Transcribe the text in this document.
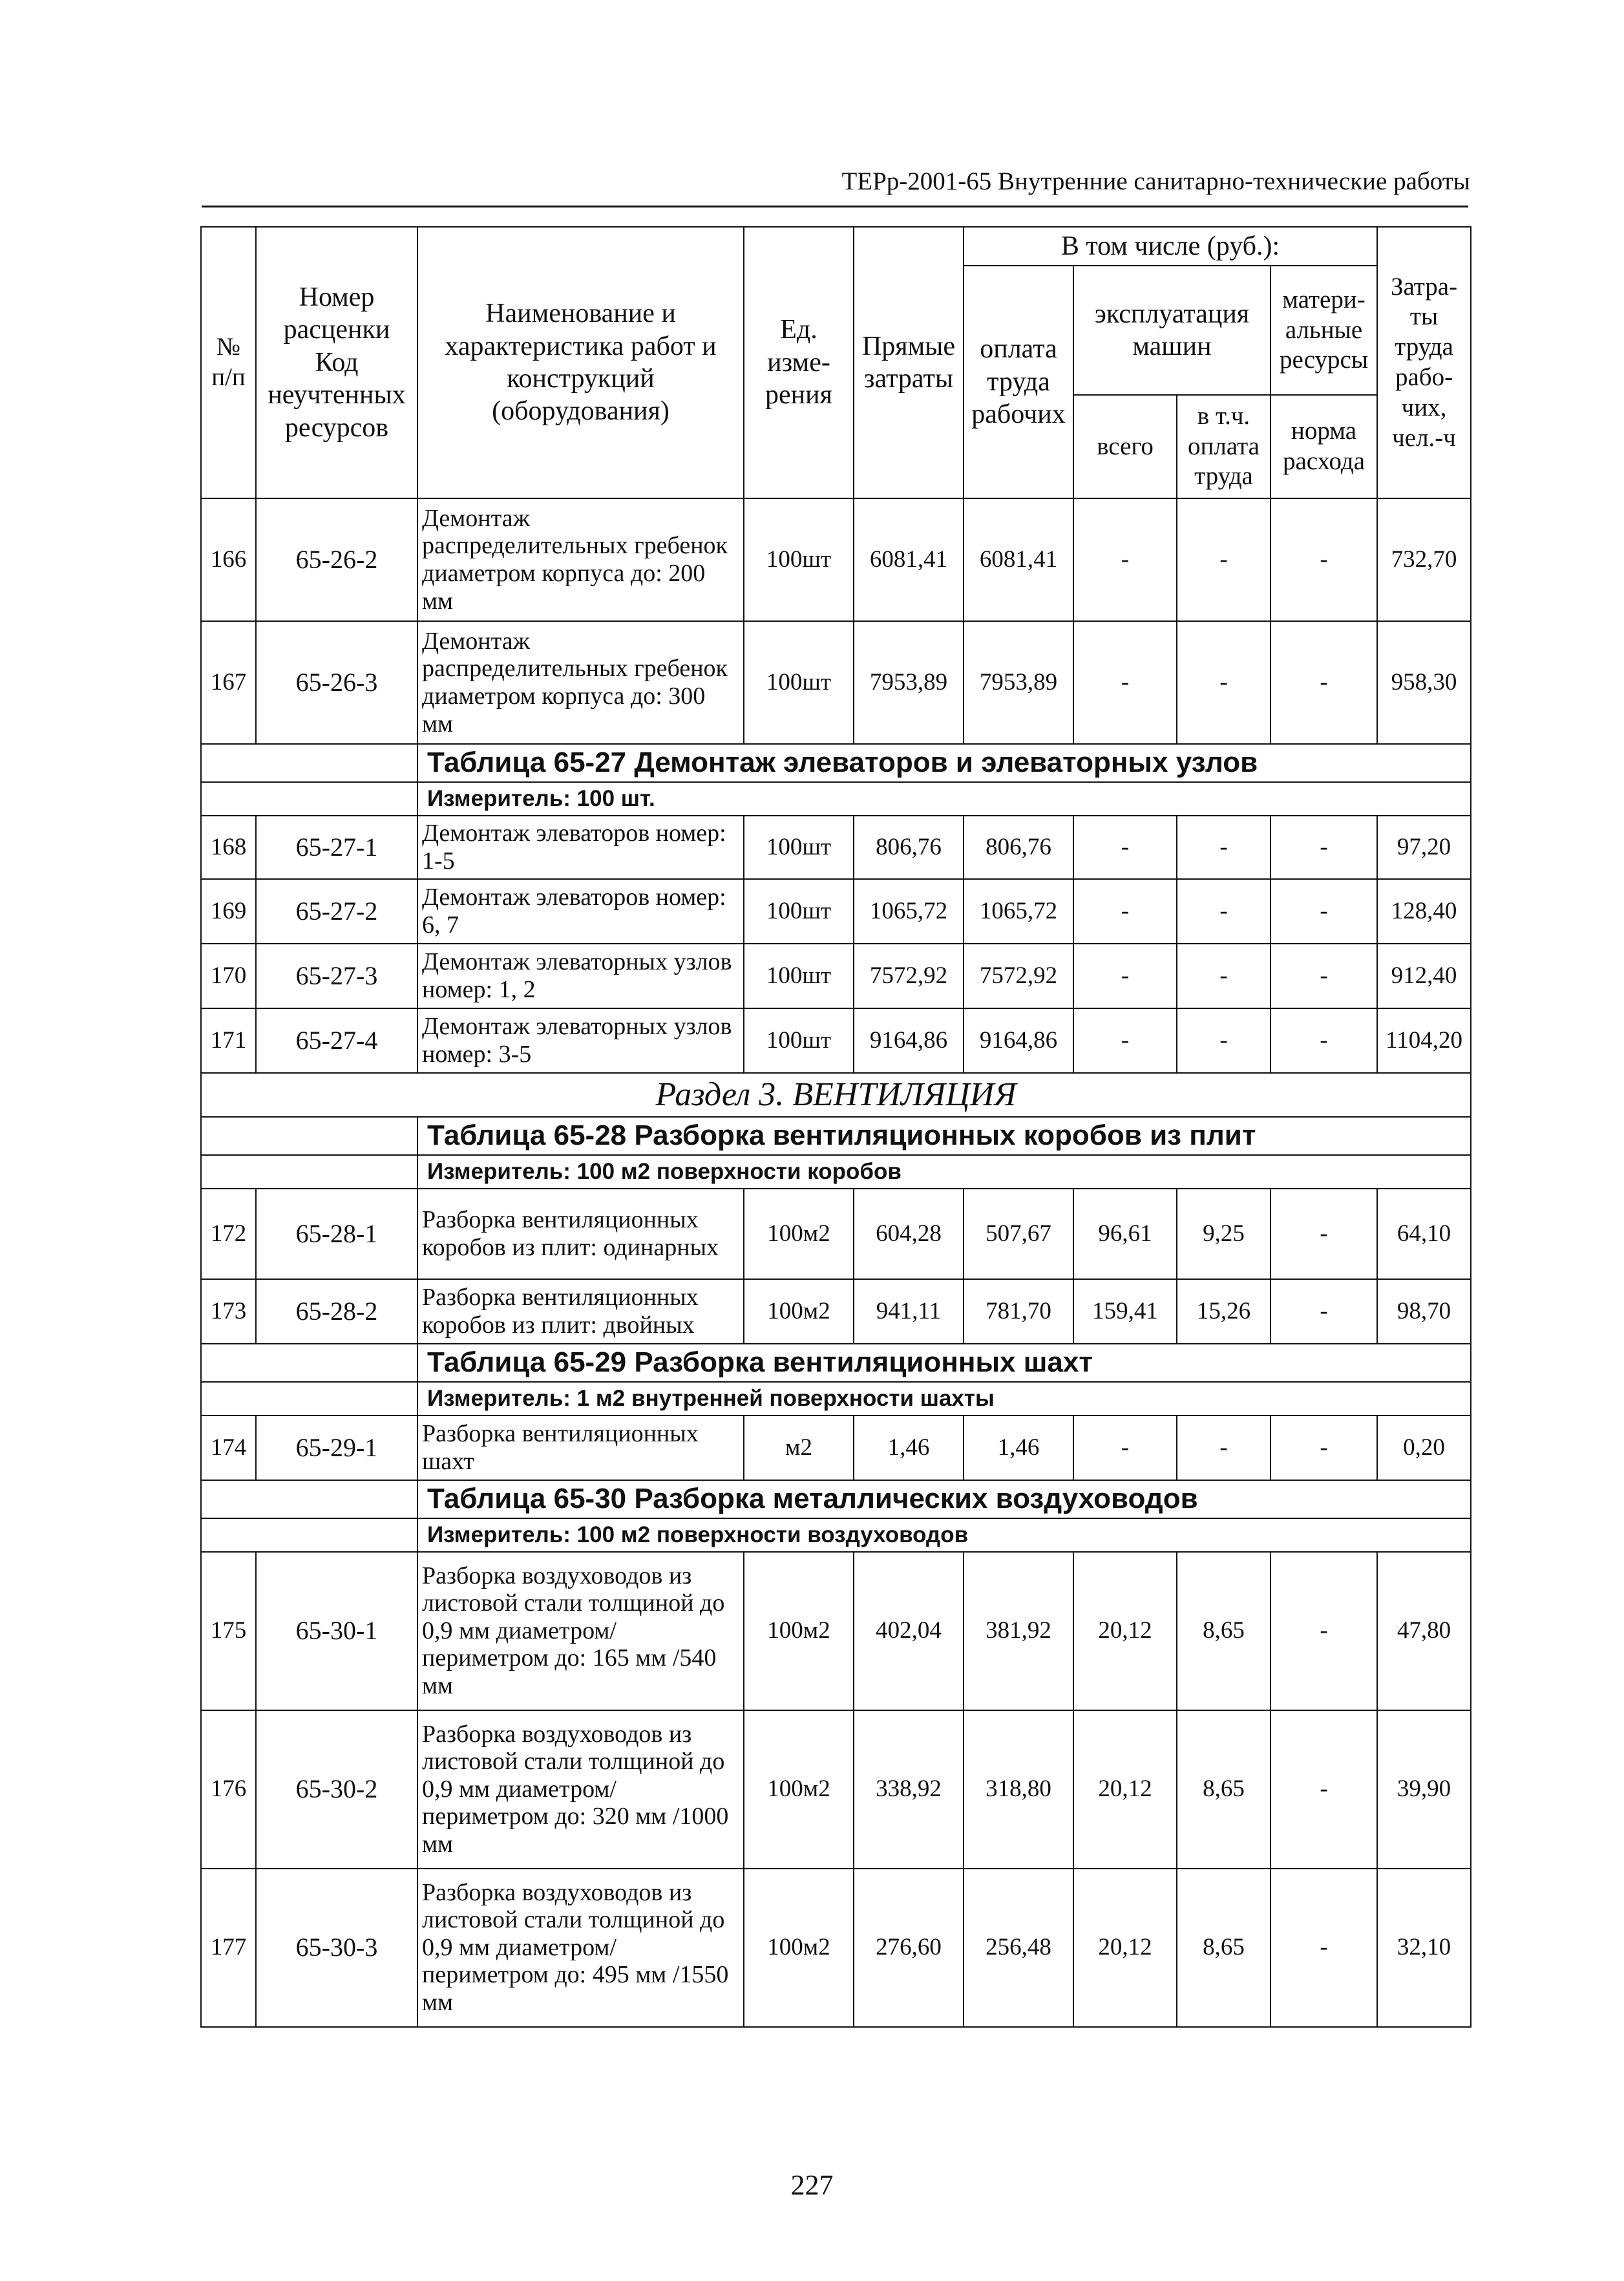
ТЕРр-2001-65 Внутренние санитарно-технические работы
№ п/п	Номер расценки Код неучтенных ресурсов	Наименование и характеристика работ и конструкций (оборудования)	Ед. изме-рения	Прямые затраты	В том числе (руб.):				Затра-ты труда рабо-чих, чел.-ч
					оплата труда рабочих	эксплуатация машин		матери-альные ресурсы	
						всего	в т.ч. оплата труда	норма расхода	
166	65-26-2	Демонтаж распределительных гребенок диаметром корпуса до: 200 мм	100шт	6081,41	6081,41	-	-	-	732,70
167	65-26-3	Демонтаж распределительных гребенок диаметром корпуса до: 300 мм	100шт	7953,89	7953,89	-	-	-	958,30
		Таблица 65-27 Демонтаж элеваторов и элеваторных узлов							
		Измеритель: 100 шт.							
168	65-27-1	Демонтаж элеваторов номер: 1-5	100шт	806,76	806,76	-	-	-	97,20
169	65-27-2	Демонтаж элеваторов номер: 6, 7	100шт	1065,72	1065,72	-	-	-	128,40
170	65-27-3	Демонтаж элеваторных узлов номер: 1, 2	100шт	7572,92	7572,92	-	-	-	912,40
171	65-27-4	Демонтаж элеваторных узлов номер: 3-5	100шт	9164,86	9164,86	-	-	-	1104,20
Раздел 3. ВЕНТИЛЯЦИЯ									
		Таблица 65-28 Разборка вентиляционных коробов из плит							
		Измеритель: 100 м2 поверхности коробов							
172	65-28-1	Разборка вентиляционных коробов из плит: одинарных	100м2	604,28	507,67	96,61	9,25	-	64,10
173	65-28-2	Разборка вентиляционных коробов из плит: двойных	100м2	941,11	781,70	159,41	15,26	-	98,70
		Таблица 65-29 Разборка вентиляционных шахт							
		Измеритель: 1 м2 внутренней поверхности шахты							
174	65-29-1	Разборка вентиляционных шахт	м2	1,46	1,46	-	-	-	0,20
		Таблица 65-30 Разборка металлических воздуховодов							
		Измеритель: 100 м2 поверхности воздуховодов							
175	65-30-1	Разборка воздуховодов из листовой стали толщиной до 0,9 мм диаметром/периметром до: 165 мм /540 мм	100м2	402,04	381,92	20,12	8,65	-	47,80
176	65-30-2	Разборка воздуховодов из листовой стали толщиной до 0,9 мм диаметром/периметром до: 320 мм /1000 мм	100м2	338,92	318,80	20,12	8,65	-	39,90
177	65-30-3	Разборка воздуховодов из листовой стали толщиной до 0,9 мм диаметром/периметром до: 495 мм /1550 мм	100м2	276,60	256,48	20,12	8,65	-	32,10
227
